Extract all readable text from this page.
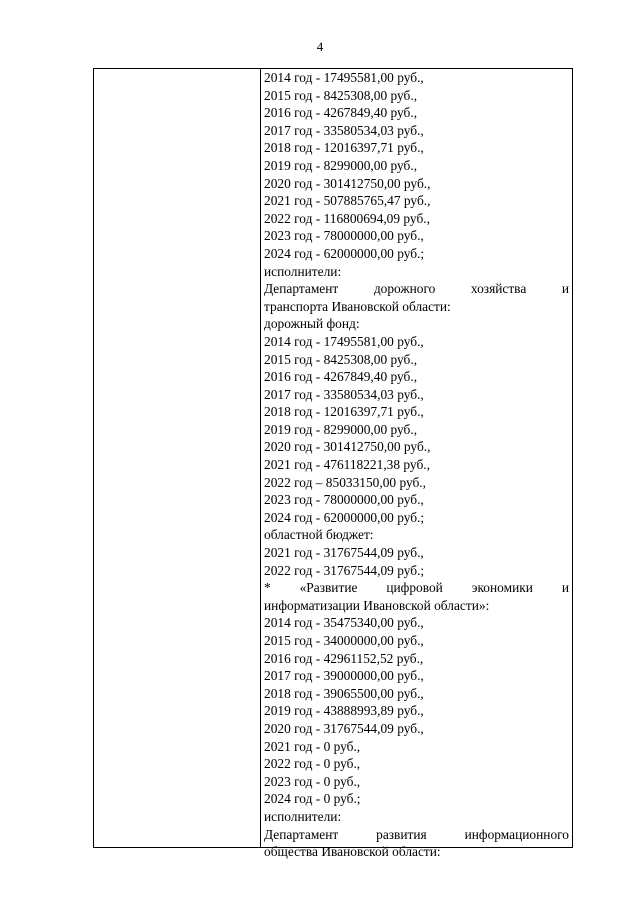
4
2014 год - 17495581,00 руб.,
2015 год - 8425308,00 руб.,
2016 год - 4267849,40 руб.,
2017 год - 33580534,03 руб.,
2018 год - 12016397,71 руб.,
2019 год - 8299000,00 руб.,
2020 год - 301412750,00 руб.,
2021 год - 507885765,47 руб.,
2022 год - 116800694,09 руб.,
2023 год - 78000000,00 руб.,
2024 год - 62000000,00 руб.;
исполнители:
Департамент дорожного хозяйства и
транспорта Ивановской области:
дорожный фонд:
2014 год - 17495581,00 руб.,
2015 год - 8425308,00 руб.,
2016 год - 4267849,40 руб.,
2017 год - 33580534,03 руб.,
2018 год - 12016397,71 руб.,
2019 год - 8299000,00 руб.,
2020 год - 301412750,00 руб.,
2021 год - 476118221,38 руб.,
2022 год – 85033150,00 руб.,
2023 год - 78000000,00 руб.,
2024 год - 62000000,00 руб.;
областной бюджет:
2021 год - 31767544,09 руб.,
2022 год - 31767544,09 руб.;
* «Развитие цифровой экономики и
информатизации Ивановской области»:
2014 год - 35475340,00 руб.,
2015 год - 34000000,00 руб.,
2016 год - 42961152,52 руб.,
2017 год - 39000000,00 руб.,
2018 год - 39065500,00 руб.,
2019 год - 43888993,89 руб.,
2020 год - 31767544,09 руб.,
2021 год - 0 руб.,
2022 год - 0 руб.,
2023 год - 0 руб.,
2024 год - 0 руб.;
исполнители:
Департамент развития информационного
общества Ивановской области:
